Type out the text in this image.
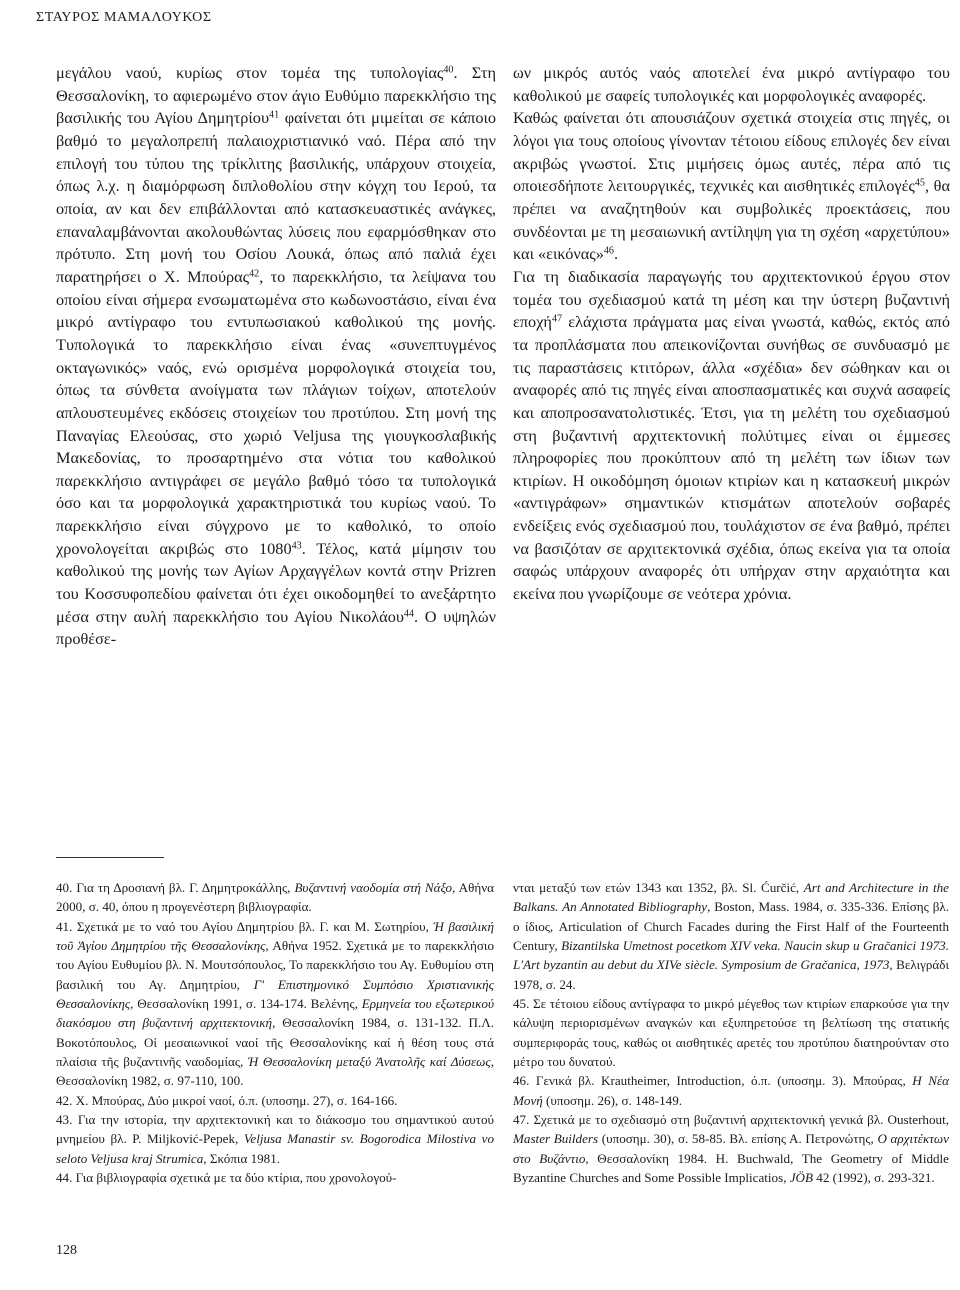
ΣΤΑΥΡΟΣ ΜΑΜΑΛΟΥΚΟΣ

μεγάλου ναού, κυρίως στον τομέα της τυπολογίας$^{40}$. Στη Θεσσαλονίκη, το αφιερωμένο στον άγιο Ευθύμιο παρεκκλήσιο της βασιλικής του Αγίου Δημητρίου$^{41}$ φαίνεται ότι μιμείται σε κάποιο βαθμό το μεγαλοπρεπή παλαιοχριστιανικό ναό. Πέρα από την επιλογή του τύπου της τρίκλιτης βασιλικής, υπάρχουν στοιχεία, όπως λ.χ. η διαμόρφωση διπλοθολίου στην κόγχη του Ιερού, τα οποία, αν και δεν επιβάλλονται από κατασκευαστικές ανάγκες, επαναλαμβάνονται ακολουθώντας λύσεις που εφαρμόσθηκαν στο πρότυπο. Στη μονή του Οσίου Λουκά, όπως από παλιά έχει παρατηρήσει ο Χ. Μπούρας$^{42}$, το παρεκκλήσιο, τα λείψανα του οποίου είναι σήμερα ενσωματωμένα στο κωδωνοστάσιο, είναι ένα μικρό αντίγραφο του εντυπωσιακού καθολικού της μονής. Τυπολογικά το παρεκκλήσιο είναι ένας «συνεπτυγμένος οκταγωνικός» ναός, ενώ ορισμένα μορφολογικά στοιχεία του, όπως τα σύνθετα ανοίγματα των πλάγιων τοίχων, αποτελούν απλουστευμένες εκδόσεις στοιχείων του προτύπου. Στη μονή της Παναγίας Ελεούσας, στο χωριό Veljusa της γιουγκοσλαβικής Μακεδονίας, το προσαρτημένο στα νότια του καθολικού παρεκκλήσιο αντιγράφει σε μεγάλο βαθμό τόσο τα τυπολογικά όσο και τα μορφολογικά χαρακτηριστικά του κυρίως ναού. Το παρεκκλήσιο είναι σύγχρονο με το καθολικό, το οποίο χρονολογείται ακριβώς στο 1080$^{43}$. Τέλος, κατά μίμησιν του καθολικού της μονής των Αγίων Αρχαγγέλων κοντά στην Prizren του Κοσσυφοπεδίου φαίνεται ότι έχει οικοδομηθεί το ανεξάρτητο μέσα στην αυλή παρεκκλήσιο του Αγίου Νικολάου$^{44}$. Ο υψηλών προθέσε-

ων μικρός αυτός ναός αποτελεί ένα μικρό αντίγραφο του καθολικού με σαφείς τυπολογικές και μορφολογικές αναφορές.

Καθώς φαίνεται ότι απουσιάζουν σχετικά στοιχεία στις πηγές, οι λόγοι για τους οποίους γίνονταν τέτοιου είδους επιλογές δεν είναι ακριβώς γνωστοί. Στις μιμήσεις όμως αυτές, πέρα από τις οποιεσδήποτε λειτουργικές, τεχνικές και αισθητικές επιλογές$^{45}$, θα πρέπει να αναζητηθούν και συμβολικές προεκτάσεις, που συνδέονται με τη μεσαιωνική αντίληψη για τη σχέση «αρχετύπου» και «εικόνας»$^{46}$.

Για τη διαδικασία παραγωγής του αρχιτεκτονικού έργου στον τομέα του σχεδιασμού κατά τη μέση και την ύστερη βυζαντινή εποχή$^{47}$ ελάχιστα πράγματα μας είναι γνωστά, καθώς, εκτός από τα προπλάσματα που απεικονίζονται συνήθως σε συνδυασμό με τις παραστάσεις κτιτόρων, άλλα «σχέδια» δεν σώθηκαν και οι αναφορές από τις πηγές είναι αποσπασματικές και συχνά ασαφείς και αποπροσανατολιστικές. Έτσι, για τη μελέτη του σχεδιασμού στη βυζαντινή αρχιτεκτονική πολύτιμες είναι οι έμμεσες πληροφορίες που προκύπτουν από τη μελέτη των ίδιων των κτιρίων. Η οικοδόμηση όμοιων κτιρίων και η κατασκευή μικρών «αντιγράφων» σημαντικών κτισμάτων αποτελούν σοβαρές ενδείξεις ενός σχεδιασμού που, τουλάχιστον σε ένα βαθμό, πρέπει να βασιζόταν σε αρχιτεκτονικά σχέδια, όπως εκείνα για τα οποία σαφώς υπάρχουν αναφορές ότι υπήρχαν στην αρχαιότητα και εκείνα που γνωρίζουμε σε νεότερα χρόνια.

40. Για τη Δροσιανή βλ. Γ. Δημητροκάλλης, Βυζαντινή ναοδομία στή Νάξο, Αθήνα 2000, σ. 40, όπου η προγενέστερη βιβλιογραφία.

41. Σχετικά με το ναό του Αγίου Δημητρίου βλ. Γ. και Μ. Σωτηρίου, Ή βασιλική τοῦ Ἁγίου Δημητρίου τῆς Θεσσαλονίκης, Αθήνα 1952. Σχετικά με το παρεκκλήσιο του Αγίου Ευθυμίου βλ. Ν. Μουτσόπουλος, Το παρεκκλήσιο του Αγ. Ευθυμίου στη βασιλική του Αγ. Δημητρίου, Γ' Επιστημονικό Συμπόσιο Χριστιανικής Θεσσαλονίκης, Θεσσαλονίκη 1991, σ. 134-174. Βελένης, Ερμηνεία του εξωτερικού διακόσμου στη βυζαντινή αρχιτεκτονική, Θεσσαλονίκη 1984, σ. 131-132. Π.Λ. Βοκοτόπουλος, Οἱ μεσαιωνικοί ναοί τῆς Θεσσαλονίκης καί ἡ θέση τους στά πλαίσια τῆς βυζαντινῆς ναοδομίας, Ή Θεσσαλονίκη μεταξύ Ἀνατολῆς καί Δύσεως, Θεσσαλονίκη 1982, σ. 97-110, 100.

42. Χ. Μπούρας, Δύο μικροί ναοί, ό.π. (υποσημ. 27), σ. 164-166.

43. Για την ιστορία, την αρχιτεκτονική και το διάκοσμο του σημαντικού αυτού μνημείου βλ. P. Miljković-Pepek, Veljusa Manastir sv. Bogorodica Milostiva vo seloto Veljusa kraj Strumica, Σκόπια 1981.

44. Για βιβλιογραφία σχετικά με τα δύο κτίρια, που χρονολογού-

νται μεταξύ των ετών 1343 και 1352, βλ. Sl. Ćurčić, Art and Architecture in the Balkans. An Annotated Bibliography, Boston, Mass. 1984, σ. 335-336. Επίσης βλ. ο ίδιος, Articulation of Church Facades during the First Half of the Fourteenth Century, Bizantilska Umetnost pocetkom XIV veka. Naucin skup u Gračanici 1973. L'Art byzantin au debut du XIVe siècle. Symposium de Gračanica, 1973, Βελιγράδι 1978, σ. 24.

45. Σε τέτοιου είδους αντίγραφα το μικρό μέγεθος των κτιρίων επαρκούσε για την κάλυψη περιορισμένων αναγκών και εξυπηρετούσε τη βελτίωση της στατικής συμπεριφοράς τους, καθώς οι αισθητικές αρετές του προτύπου διατηρούνταν στο μέτρο του δυνατού.

46. Γενικά βλ. Krautheimer, Introduction, ό.π. (υποσημ. 3). Μπούρας, Η Νέα Μονή (υποσημ. 26), σ. 148-149.

47. Σχετικά με το σχεδιασμό στη βυζαντινή αρχιτεκτονική γενικά βλ. Ousterhout, Master Builders (υποσημ. 30), σ. 58-85. Βλ. επίσης Α. Πετρονώτης, Ο αρχιτέκτων στο Βυζάντιο, Θεσσαλονίκη 1984. Η. Buchwald, The Geometry of Middle Byzantine Churches and Some Possible Implicatios, JÖB 42 (1992), σ. 293-321.

128
